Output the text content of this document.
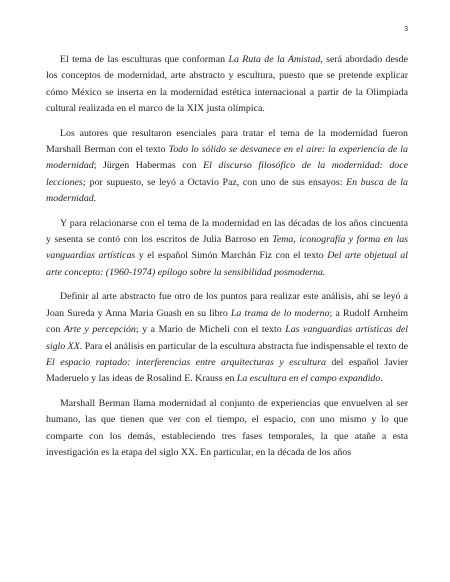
3

El tema de las esculturas que conforman La Ruta de la Amistad, será abordado desde los conceptos de modernidad, arte abstracto y escultura, puesto que se pretende explicar cómo México se inserta en la modernidad estética internacional a partir de la Olimpiada cultural realizada en el marco de la XIX justa olímpica.

Los autores que resultaron esenciales para tratar el tema de la modernidad fueron Marshall Berman con el texto Todo lo sólido se desvanece en el aire: la experiencia de la modernidad; Jürgen Habermas con El discurso filosófico de la modernidad: doce lecciones; por supuesto, se leyó a Octavio Paz, con uno de sus ensayos: En busca de la modernidad.

Y para relacionarse con el tema de la modernidad en las décadas de los años cincuenta y sesenta se contó con los escritos de Julia Barroso en Tema, iconografía y forma en las vanguardias artísticas y el español Simón Marchán Fiz con el texto Del arte objetual al arte concepto: (1960-1974) epílogo sobre la sensibilidad posmoderna.

Definir al arte abstracto fue otro de los puntos para realizar este análisis, ahí se leyó a Joan Sureda y Anna Maria Guash en su libro La trama de lo moderno; a Rudolf Arnheim con Arte y percepción; y a Mario de Micheli con el texto Las vanguardias artísticas del siglo XX. Para el análisis en particular de la escultura abstracta fue indispensable el texto de El espacio raptado: interferencias entre arquitecturas y escultura del español Javier Maderuelo y las ideas de Rosalind E. Krauss en La escultura en el campo expandido.

Marshall Berman llama modernidad al conjunto de experiencias que envuelven al ser humano, las que tienen que ver con el tiempo, el espacio, con uno mismo y lo que comparte con los demás, estableciendo tres fases temporales, la que atañe a esta investigación es la etapa del siglo XX. En particular, en la década de los años
